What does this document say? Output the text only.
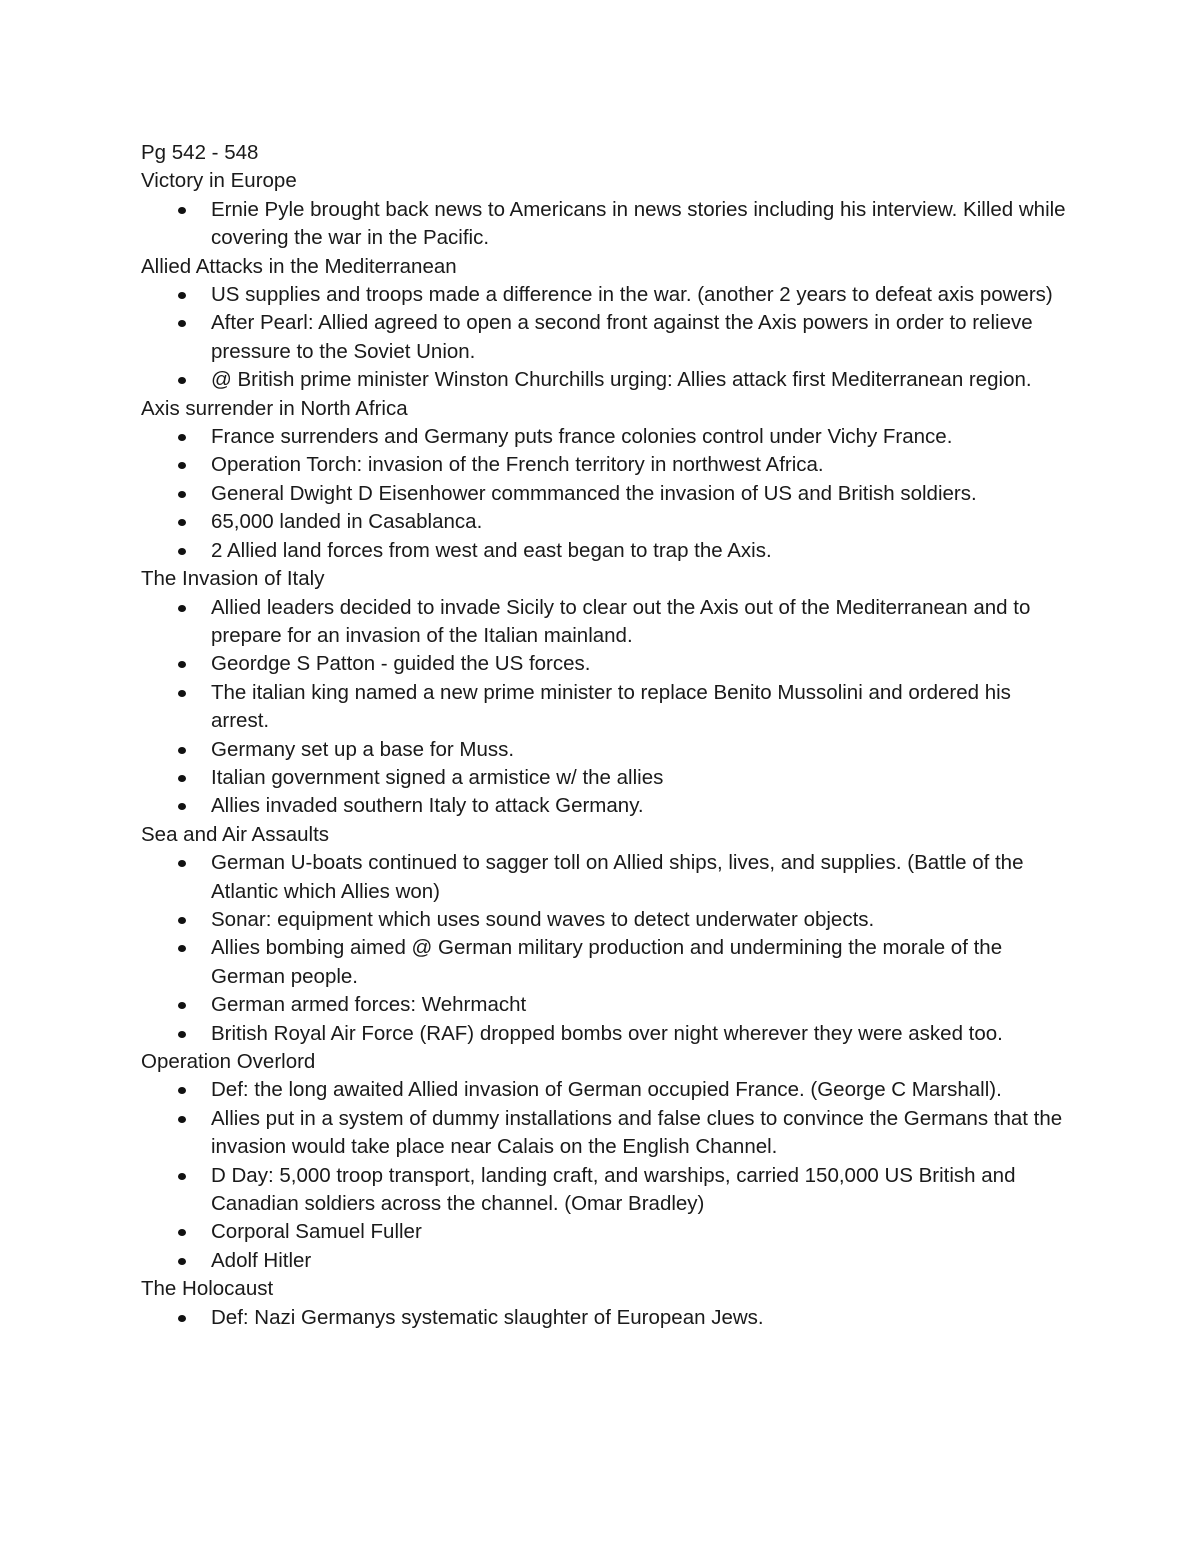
Pg 542 - 548

Victory in Europe

Ernie Pyle brought back news to Americans in news stories including his interview. Killed while covering the war in the Pacific.

Allied Attacks in the Mediterranean

US supplies and troops made a difference in the war. (another 2 years to defeat axis powers)
After Pearl: Allied agreed to open a second front against the Axis powers in order to relieve pressure to the Soviet Union.
@ British prime minister Winston Churchills urging: Allies attack first Mediterranean region.

Axis surrender in North Africa

France surrenders and Germany puts france colonies control under Vichy France.
Operation Torch: invasion of the French territory in northwest Africa.
General Dwight D Eisenhower commmanced the invasion of US and British soldiers.
65,000 landed in Casablanca.
2 Allied land forces from west and east began to trap the Axis.

The Invasion of Italy

Allied leaders decided to invade Sicily to clear out the Axis out of the Mediterranean and to prepare for an invasion of the Italian mainland.
Geordge S Patton - guided the US forces.
The italian king named a new prime minister to replace Benito Mussolini and ordered his arrest.
Germany set up a base for Muss.
Italian government signed a armistice w/ the allies
Allies invaded southern Italy to attack Germany.

Sea and Air Assaults

German U-boats continued to sagger toll on Allied ships, lives, and supplies. (Battle of the Atlantic which Allies won)
Sonar: equipment which uses sound waves to detect underwater objects.
Allies bombing aimed @ German military production and undermining the morale of the German people.
German armed forces: Wehrmacht
British Royal Air Force (RAF) dropped bombs over night wherever they were asked too.

Operation Overlord

Def: the long awaited Allied invasion of German occupied France. (George C Marshall).
Allies put in a system of dummy installations and false clues to convince the Germans that the invasion would take place near Calais on the English Channel.
D Day: 5,000 troop transport, landing craft, and warships, carried 150,000 US British and Canadian soldiers across the channel. (Omar Bradley)
Corporal Samuel Fuller
Adolf Hitler

The Holocaust

Def: Nazi Germanys systematic slaughter of European Jews.
